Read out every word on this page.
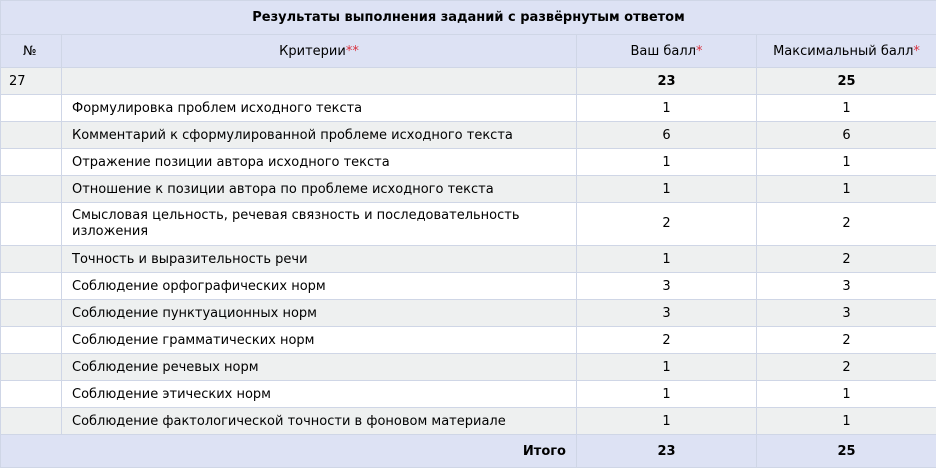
Результаты выполнения заданий с развёрнутым ответом			
№	Критерии**	Ваш балл*	Максимальный балл*
27		23	25
	Формулировка проблем исходного текста	1	1
	Комментарий к сформулированной проблеме исходного текста	6	6
	Отражение позиции автора исходного текста	1	1
	Отношение к позиции автора по проблеме исходного текста	1	1
	Смысловая цельность, речевая связность и последовательность изложения	2	2
	Точность и выразительность речи	1	2
	Соблюдение орфографических норм	3	3
	Соблюдение пунктуационных норм	3	3
	Соблюдение грамматических норм	2	2
	Соблюдение речевых норм	1	2
	Соблюдение этических норм	1	1
	Соблюдение фактологической точности в фоновом материале	1	1
Итого		23	25
